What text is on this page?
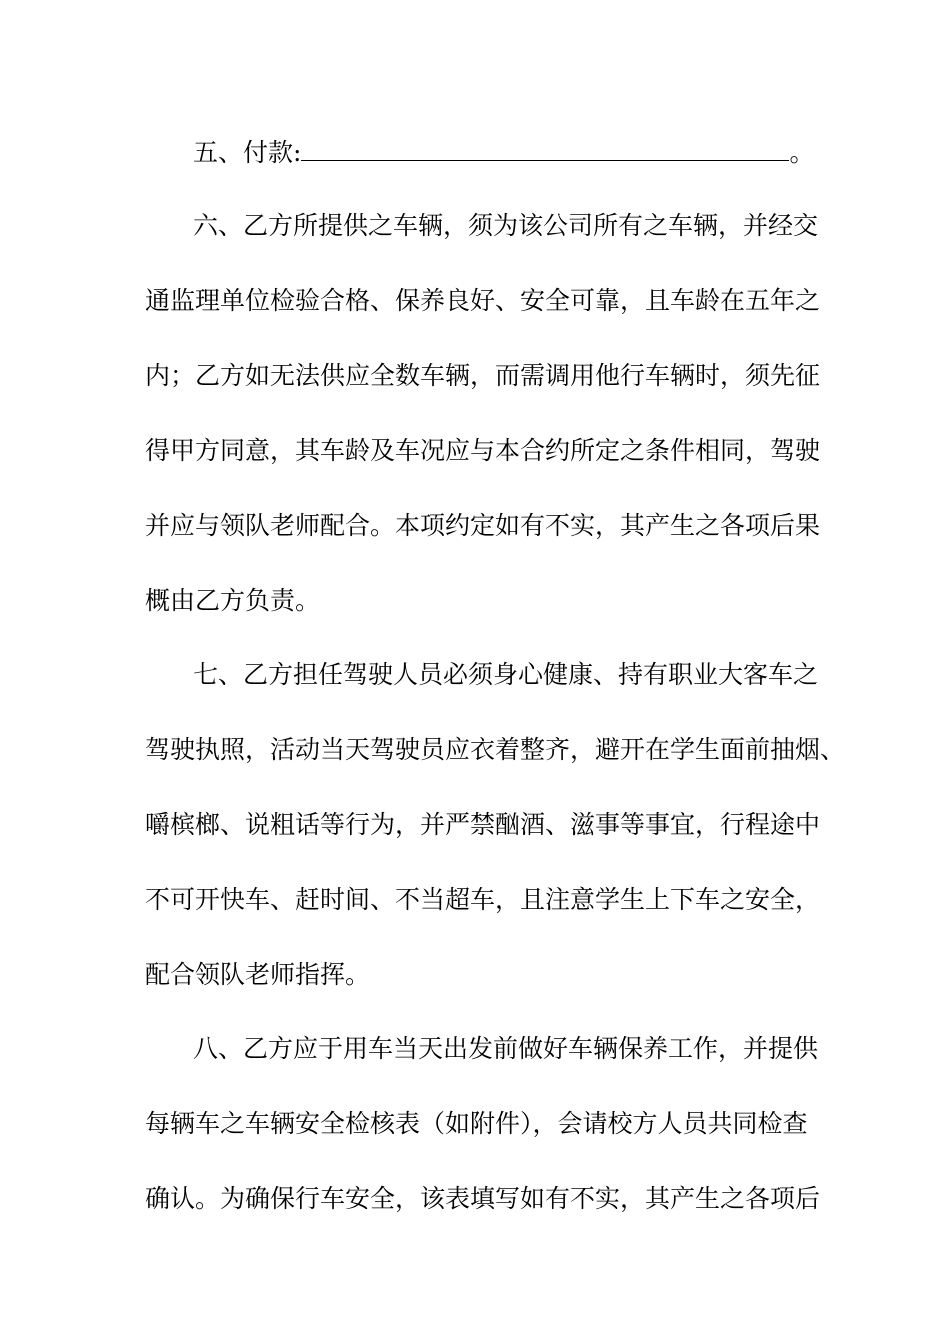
五、付款:	。
六、乙方所提供之车辆，须为该公司所有之车辆，并经交
通监理单位检验合格、保养良好、安全可靠，且车龄在五年之
内；乙方如无法供应全数车辆，而需调用他行车辆时，须先征
得甲方同意，其车龄及车况应与本合约所定之条件相同，驾驶
并应与领队老师配合。本项约定如有不实，其产生之各项后果
概由乙方负责。
七、乙方担任驾驶人员必须身心健康、持有职业大客车之
驾驶执照，活动当天驾驶员应衣着整齐，避开在学生面前抽烟、
嚼槟榔、说粗话等行为，并严禁酗酒、滋事等事宜，行程途中
不可开快车、赶时间、不当超车，且注意学生上下车之安全，
配合领队老师指挥。
八、乙方应于用车当天出发前做好车辆保养工作，并提供
每辆车之车辆安全检核表（如附件），会请校方人员共同检查
确认。为确保行车安全，该表填写如有不实，其产生之各项后
